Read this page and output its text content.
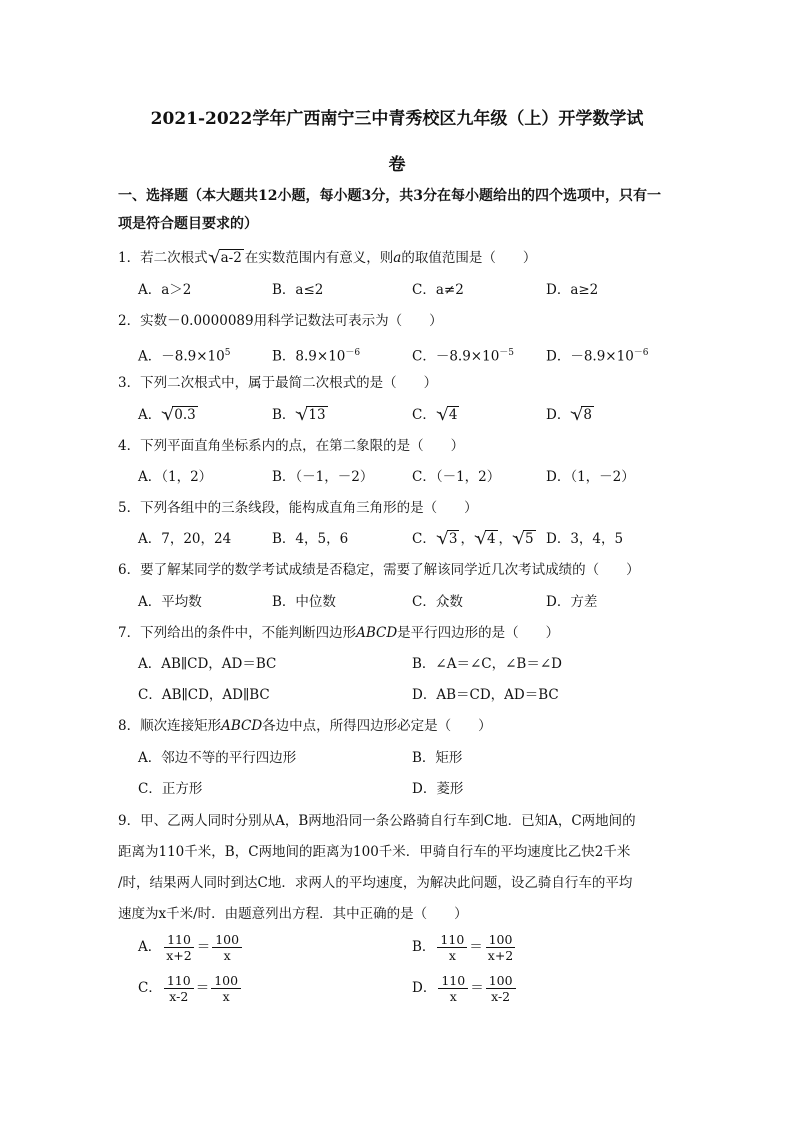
2021-2022学年广西南宁三中青秀校区九年级（上）开学数学试
卷
一、选择题（本大题共12小题，每小题3分，共3分在每小题给出的四个选项中，只有一
项是符合题目要求的）
1．若二次根式 √ a-2 在实数范围内有意义，则a的取值范围是（　　）
A．a＞2	B．a≤2	C．a≠2	D．a≥2
2．实数－0.0000089用科学记数法可表示为（　　）
A．$-8.9\times 10^5$	B．$8.9\times 10^{-6}$	C．$-8.9\times 10^{-5}$ D．$-8.9\times 10^{-6}$
3．下列二次根式中，属于最简二次根式的是（　　）
A． √ 0.3	B． √ 13	C． √ 4	D． √ 8
4．下列平面直角坐标系内的点，在第二象限的是（　　）
A．（1，2）	B．（－1，－2）	C．（－1，2）	D．（1，－2）
5．下列各组中的三条线段，能构成直角三角形的是（　　）
A．7，20，24	B．4，5，6	C． √ 3 ， √ 4 ， √ 5 D．3，4，5
6．要了解某同学的数学考试成绩是否稳定，需要了解该同学近几次考试成绩的（　　）
A．平均数	B．中位数	C．众数	D．方差
7．下列给出的条件中，不能判断四边形ABCD是平行四边形的是（　　）
A．AB∥CD，AD＝BC	B．∠A＝∠C，∠B＝∠D
C．AB∥CD，AD∥BC	D．AB＝CD，AD＝BC
8．顺次连接矩形ABCD各边中点，所得四边形必定是（　　）
A．邻边不等的平行四边形	B．矩形
C．正方形	D．菱形
9．甲、乙两人同时分别从A，B两地沿同一条公路骑自行车到C地．已知A，C两地间的
距离为110千米，B，C两地间的距离为100千米．甲骑自行车的平均速度比乙快2千米
/时，结果两人同时到达C地．求两人的平均速度，为解决此问题，设乙骑自行车的平均
速度为x千米/时．由题意列出方程．其中正确的是（　　）
A． $\frac{110}{x+2} = \frac{100}{x}$	B． $\frac{110}{x} = \frac{100}{x+2}$
C． $\frac{110}{x-2} = \frac{100}{x}$	D． $\frac{110}{x} = \frac{100}{x-2}$
